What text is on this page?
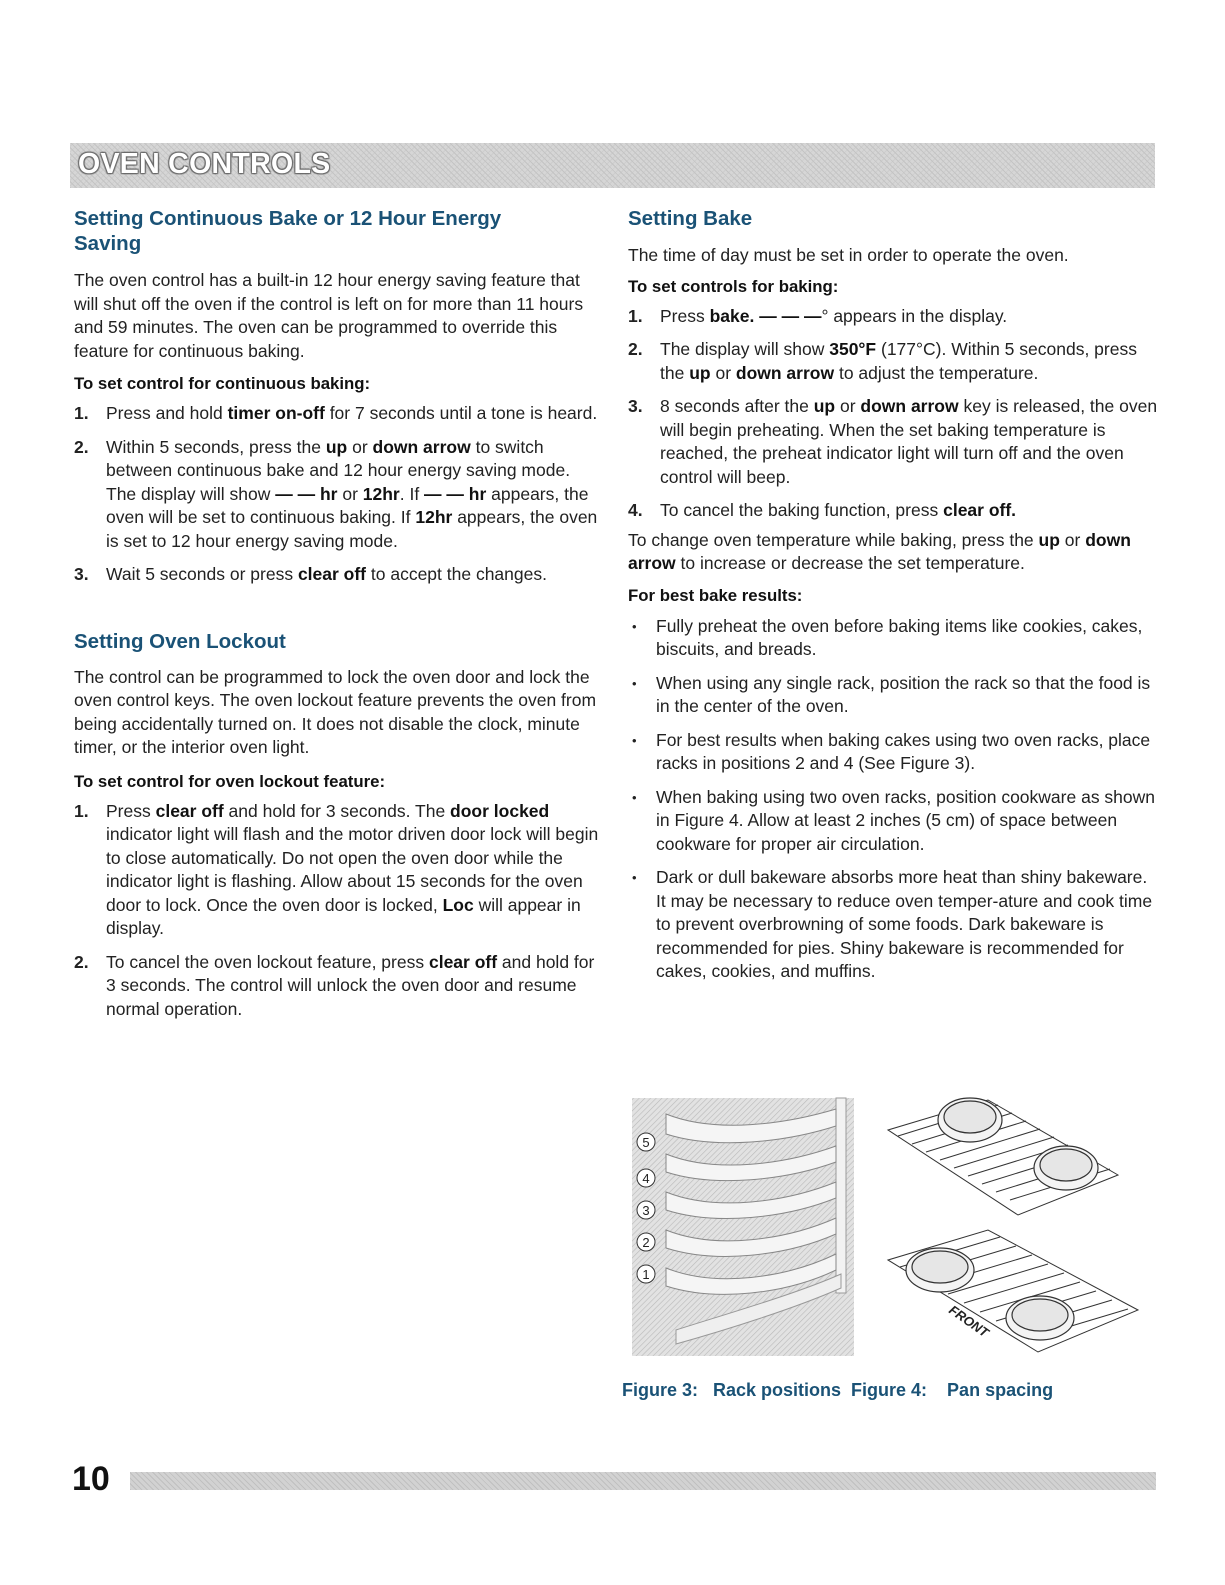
OVEN CONTROLS
Setting Continuous Bake or 12 Hour Energy Saving

The oven control has a built-in 12 hour energy saving feature that will shut off the oven if the control is left on for more than 11 hours and 59 minutes. The oven can be programmed to override this feature for continuous baking.

To set control for continuous baking:

1. Press and hold timer on-off for 7 seconds until a tone is heard.
2. Within 5 seconds, press the up or down arrow to switch between continuous bake and 12 hour energy saving mode. The display will show — — hr or 12hr. If — — hr appears, the oven will be set to continuous baking. If 12hr appears, the oven is set to 12 hour energy saving mode.
3. Wait 5 seconds or press clear off to accept the changes.
Setting Oven Lockout

The control can be programmed to lock the oven door and lock the oven control keys. The oven lockout feature prevents the oven from being accidentally turned on. It does not disable the clock, minute timer, or the interior oven light.

To set control for oven lockout feature:

1. Press clear off and hold for 3 seconds. The door locked indicator light will flash and the motor driven door lock will begin to close automatically. Do not open the oven door while the indicator light is flashing. Allow about 15 seconds for the oven door to lock. Once the oven door is locked, Loc will appear in display.
2. To cancel the oven lockout feature, press clear off and hold for 3 seconds. The control will unlock the oven door and resume normal operation.
Setting Bake

The time of day must be set in order to operate the oven.

To set controls for baking:

1. Press bake. — — —° appears in the display.
2. The display will show 350°F (177°C). Within 5 seconds, press the up or down arrow to adjust the temperature.
3. 8 seconds after the up or down arrow key is released, the oven will begin preheating. When the set baking temperature is reached, the preheat indicator light will turn off and the oven control will beep.
4. To cancel the baking function, press clear off.

To change oven temperature while baking, press the up or down arrow to increase or decrease the set temperature.

For best bake results:

• Fully preheat the oven before baking items like cookies, cakes, biscuits, and breads.
• When using any single rack, position the rack so that the food is in the center of the oven.
• For best results when baking cakes using two oven racks, place racks in positions 2 and 4 (See Figure 3).
• When baking using two oven racks, position cookware as shown in Figure 4. Allow at least 2 inches (5 cm) of space between cookware for proper air circulation.
• Dark or dull bakeware absorbs more heat than shiny bakeware. It may be necessary to reduce oven temper-ature and cook time to prevent overbrowning of some foods. Dark bakeware is recommended for pies. Shiny bakeware is recommended for cakes, cookies, and muffins.
5
4
3
2
1
FRONT
Figure 3:   Rack positions  Figure 4:    Pan spacing

10
